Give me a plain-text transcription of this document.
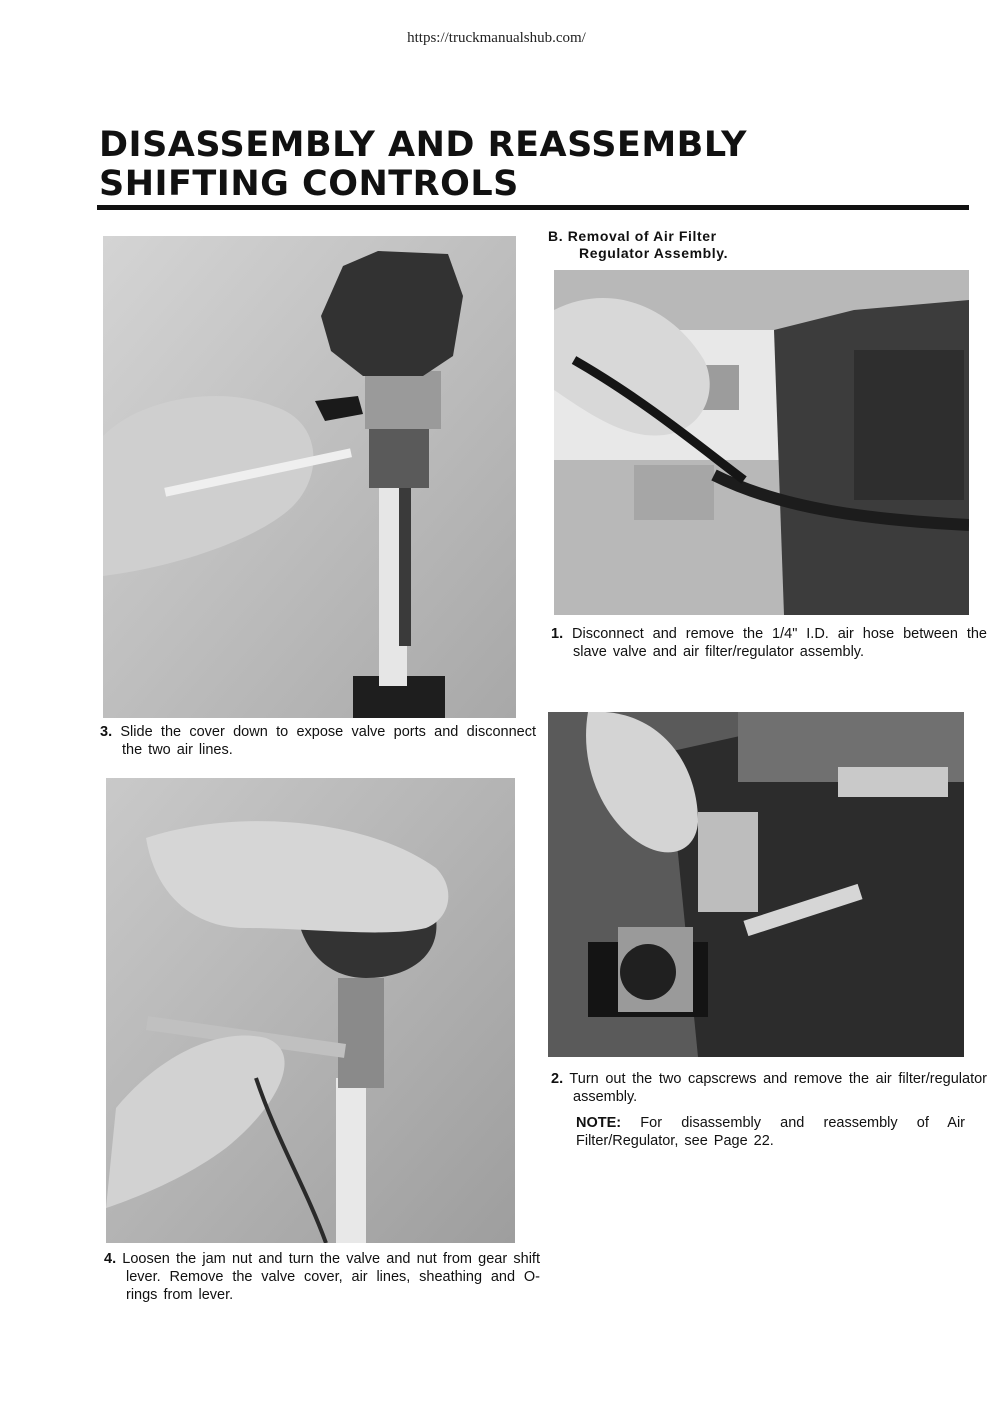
https://truckmanualshub.com/
DISASSEMBLY AND REASSEMBLY
SHIFTING CONTROLS
3. Slide the cover down to expose valve ports and disconnect the two air lines.
4. Loosen the jam nut and turn the valve and nut from gear shift lever. Remove the valve cover, air lines, sheathing and O-rings from lever.
B. Removal of Air Filter
Regulator Assembly.
1. Disconnect and remove the 1/4" I.D. air hose between the slave valve and air filter/regulator assembly.
2. Turn out the two capscrews and remove the air filter/regulator assembly.
NOTE: For disassembly and reassembly of Air Filter/Regulator, see Page 22.
